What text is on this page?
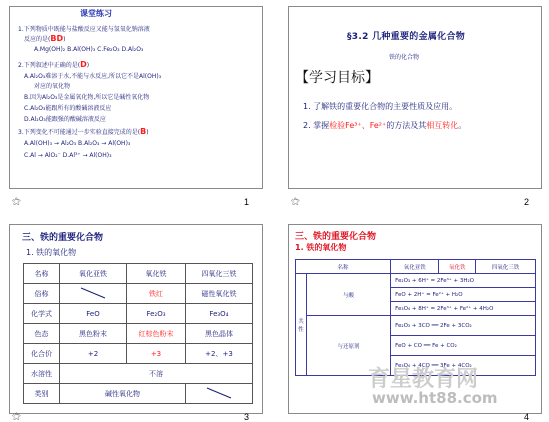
课堂练习
1.下列物质中既能与盐酸反应又能与氢氧化钠溶液
反应的是(BD)
A.Mg(OH)₂ B.Al(OH)₃ C.Fe₂O₃ D.Al₂O₃
2.下列叙述中正确的是(D)
A.Al₂O₃难溶于水,不能与水反应,所以它不是Al(OH)₃
对应的氧化物
B.因为Al₂O₃是金属氧化物,所以它是碱性氧化物
C.Al₂O₃能跟所有的酸碱溶液反应
D.Al₂O₃能跟强的酸碱溶液反应
3.下列变化不可能通过一步实验直接完成的是(B)
A.Al(OH)₃ → Al₂O₃ B.Al₂O₃ → Al(OH)₃
C.Al → AlO₂⁻ D.Al³⁺ → Al(OH)₃
⚝	1
§3.2 几种重要的金属化合物
铁的化合物
【学习目标】
1. 了解铁的重要化合物的主要性质及应用。
2. 掌握检验Fe³⁺、Fe²⁺的方法及其相互转化。
⚝	2
三、铁的重要化合物
1. 铁的氧化物
名称	氧化亚铁	氧化铁	四氧化三铁
俗称		铁红	磁性氧化铁
化学式	FeO	Fe₂O₃	Fe₃O₄
色态	黑色粉末	红棕色粉末	黑色晶体
化合价	+2	+3	+2、+3
水溶性	不溶		
类别	碱性氧化物	
⚝	3
三、铁的重要化合物
1. 铁的氧化物
名称		氧化亚铁	氧化铁	四氧化三铁
共性	与酸	Fe₂O₃ + 6H⁺ = 2Fe³⁺ + 3H₂O		
		FeO + 2H⁺ = Fe²⁺ + H₂O		
		Fe₃O₄ + 8H⁺ = 2Fe³⁺ + Fe²⁺ + 4H₂O		
	与还原剂	Fe₂O₃ + 3CO ══ 2Fe + 3CO₂		
		FeO + CO ══ Fe + CO₂		
		Fe₃O₄ + 4CO ══ 3Fe + 4CO₂		
4
育星教育网
www.ht88.com
